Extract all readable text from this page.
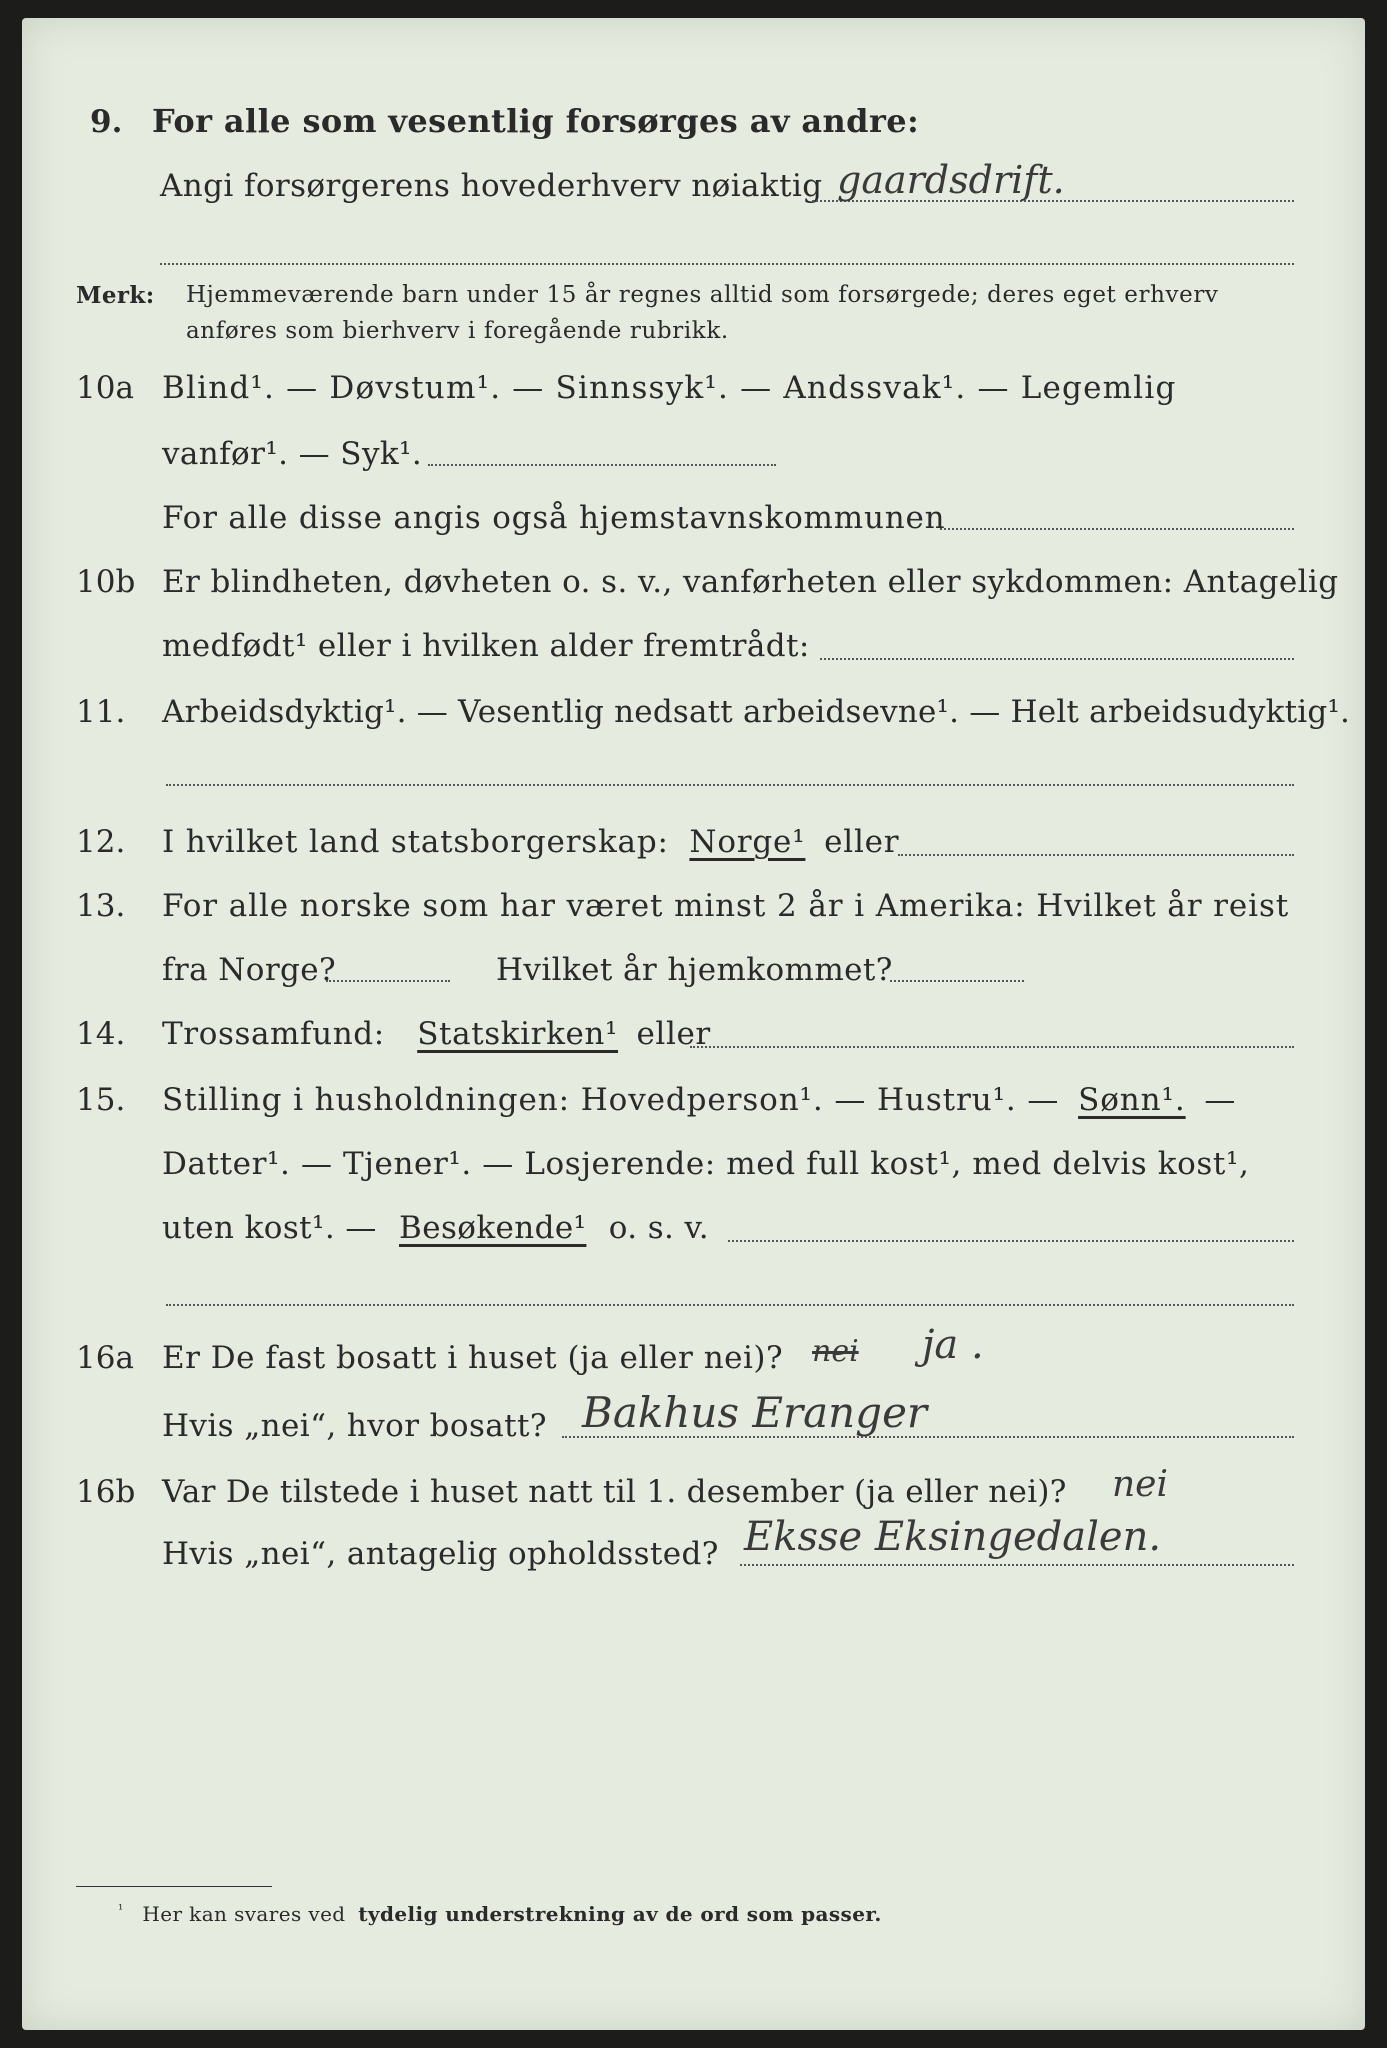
9. For alle som vesentlig forsørges av andre:
Angi forsørgerens hovederhverv nøiaktig gaardsdrift.
Merk: Hjemmeværende barn under 15 år regnes alltid som forsørgede; deres eget erhverv
anføres som bierhverv i foregående rubrikk.
10a Blind¹. — Døvstum¹. — Sinnssyk¹. — Andssvak¹. — Legemlig
vanfør¹. — Syk¹.
For alle disse angis også hjemstavnskommunen
10b Er blindheten, døvheten o. s. v., vanførheten eller sykdommen: Antagelig
medfødt¹ eller i hvilken alder fremtrådt:
11. Arbeidsdyktig¹. — Vesentlig nedsatt arbeidsevne¹. — Helt arbeidsudyktig¹.
12. I hvilket land statsborgerskap: Norge¹ eller
13. For alle norske som har været minst 2 år i Amerika: Hvilket år reist
fra Norge?	Hvilket år hjemkommet?
14. Trossamfund: Statskirken¹ eller
15. Stilling i husholdningen: Hovedperson¹. — Hustru¹. — Sønn¹. —
Datter¹. — Tjener¹. — Losjerende: med full kost¹, med delvis kost¹,
uten kost¹. — Besøkende¹ o. s. v.
16a Er De fast bosatt i huset (ja eller nei)? nei ja .
Hvis „nei“, hvor bosatt? Bakhus Eranger
16b Var De tilstede i huset natt til 1. desember (ja eller nei)? nei
Hvis „nei“, antagelig opholdssted? Eksse Eksingedalen.
$^{^1}$ Her kan svares ved tydelig understrekning av de ord som passer.
